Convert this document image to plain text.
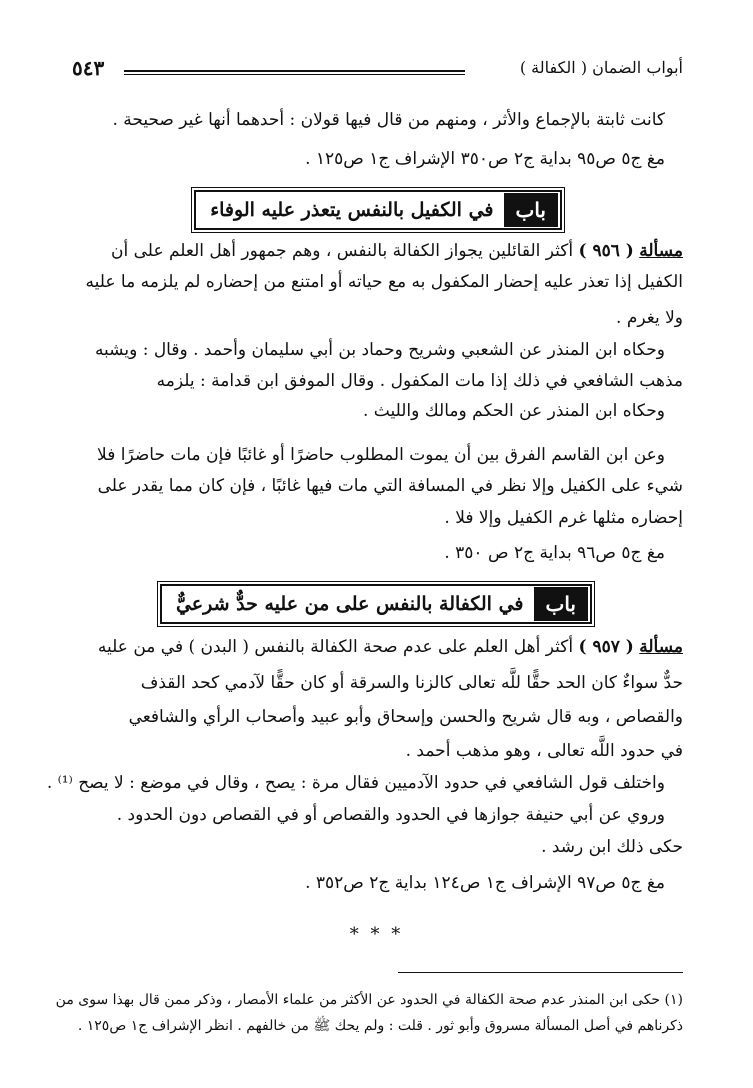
أبواب الضمان ( الكفالة )
٥٤٣
كانت ثابتة بالإجماع والأثر ، ومنهم من قال فيها قولان : أحدهما أنها غير صحيحة .
مغ ج٥ ص٩٥ بداية ج٢ ص٣٥٠ الإشراف ج١ ص١٢٥ .
باب
في الكفيل بالنفس يتعذر عليه الوفاء
مسألة ( ٩٥٦ ) أكثر القائلين يجواز الكفالة بالنفس ، وهم جمهور أهل العلم على أن
الكفيل إذا تعذر عليه إحضار المكفول به مع حياته أو امتنع من إحضاره لم يلزمه ما عليه
ولا يغرم .
وحكاه ابن المنذر عن الشعبي وشريح وحماد بن أبي سليمان وأحمد . وقال : ويشبه
مذهب الشافعي في ذلك إذا مات المكفول . وقال الموفق ابن قدامة : يلزمه
وحكاه ابن المنذر عن الحكم ومالك والليث .
وعن ابن القاسم الفرق بين أن يموت المطلوب حاضرًا أو غائبًا فإن مات حاضرًا فلا
شيء على الكفيل وإلا نظر في المسافة التي مات فيها غائبًا ، فإن كان مما يقدر على
إحضاره مثلها غرم الكفيل وإلا فلا .
مغ ج٥ ص٩٦ بداية ج٢ ص ٣٥٠ .
باب
في الكفالة بالنفس على من عليه حدٌّ شرعيٌّ
مسألة ( ٩٥٧ ) أكثر أهل العلم على عدم صحة الكفالة بالنفس ( البدن ) في من عليه
حدٌّ سواءٌ كان الحد حقًّا للَّه تعالى كالزنا والسرقة أو كان حقًّا لآدمي كحد القذف
والقصاص ، وبه قال شريح والحسن وإسحاق وأبو عبيد وأصحاب الرأي والشافعي
في حدود اللَّه تعالى ، وهو مذهب أحمد .
واختلف قول الشافعي في حدود الآدميين فقال مرة : يصح ، وقال في موضع : لا يصح ⁽¹⁾ .
وروي عن أبي حنيفة جوازها في الحدود والقصاص أو في القصاص دون الحدود .
حكى ذلك ابن رشد .
مغ ج٥ ص٩٧ الإشراف ج١ ص١٢٤ بداية ج٢ ص٣٥٢ .
* * *
(١) حكى ابن المنذر عدم صحة الكفالة في الحدود عن الأكثر من علماء الأمصار ، وذكر ممن قال بهذا سوى من
ذكرناهم في أصل المسألة مسروق وأبو ثور . قلت : ولم يحك ﷺ من خالفهم . انظر الإشراف ج١ ص١٢٥ .
